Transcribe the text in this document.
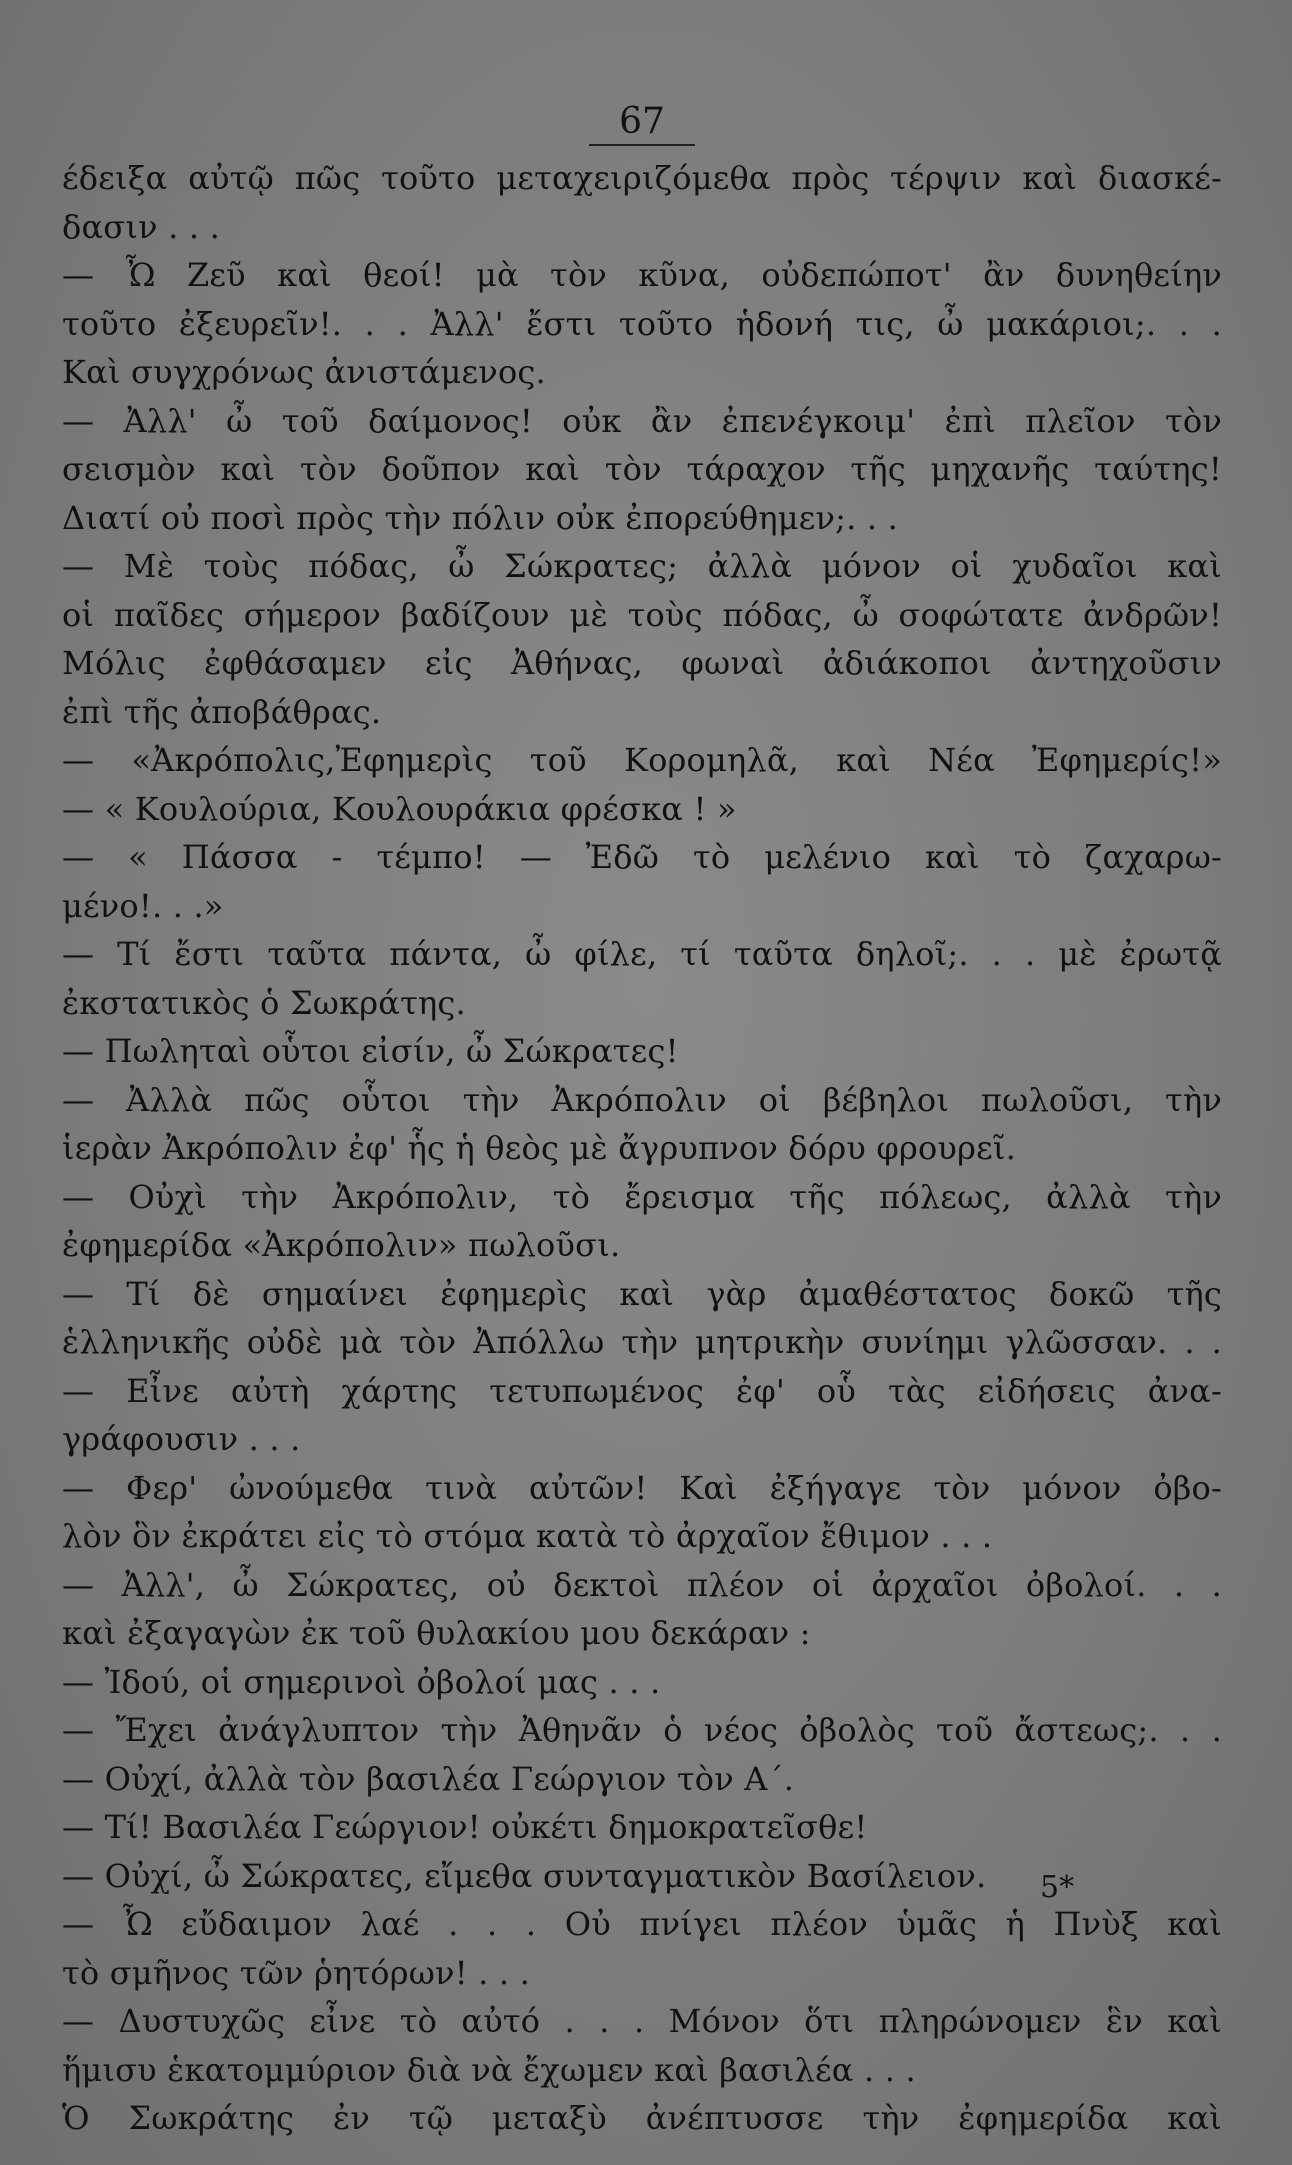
67
έδειξα αὐτῷ πῶς τοῦτο μεταχειριζόμεθα πρὸς τέρψιν καὶ διασκέ-
δασιν . . .
— Ὦ Ζεῦ καὶ θεοί! μὰ τὸν κῦνα, οὐδεπώποτ' ἂν δυνηθείην
τοῦτο ἐξευρεῖν!. . . Ἀλλ' ἔστι τοῦτο ἡδονή τις, ὦ μακάριοι;. . .
Καὶ συγχρόνως ἀνιστάμενος.
— Ἀλλ' ὦ τοῦ δαίμονος! οὐκ ἂν ἐπενέγκοιμ' ἐπὶ πλεῖον τὸν
σεισμὸν καὶ τὸν δοῦπον καὶ τὸν τάραχον τῆς μηχανῆς ταύτης!
Διατί οὐ ποσὶ πρὸς τὴν πόλιν οὐκ ἐπορεύθημεν;. . .
— Μὲ τοὺς πόδας, ὦ Σώκρατες; ἀλλὰ μόνον οἱ χυδαῖοι καὶ
οἱ παῖδες σήμερον βαδίζουν μὲ τοὺς πόδας, ὦ σοφώτατε ἀνδρῶν!
Μόλις ἐφθάσαμεν εἰς Ἀθήνας, φωναὶ ἀδιάκοποι ἀντηχοῦσιν
ἐπὶ τῆς ἀποβάθρας.
— «Ἀκρόπολις,Ἐφημερὶς τοῦ Κορομηλᾶ, καὶ Νέα Ἐφημερίς!»
— « Κουλούρια, Κουλουράκια φρέσκα ! »
— « Πάσσα - τέμπο! — Ἐδῶ τὸ μελένιο καὶ τὸ ζαχαρω-
μένο!. . .»
— Τί ἔστι ταῦτα πάντα, ὦ φίλε, τί ταῦτα δηλοῖ;. . . μὲ ἐρωτᾷ
ἐκστατικὸς ὁ Σωκράτης.
— Πωληταὶ οὗτοι εἰσίν, ὦ Σώκρατες!
— Ἀλλὰ πῶς οὗτοι τὴν Ἀκρόπολιν οἱ βέβηλοι πωλοῦσι, τὴν
ἱερὰν Ἀκρόπολιν ἐφ' ἧς ἡ θεὸς μὲ ἄγρυπνον δόρυ φρουρεῖ.
— Οὐχὶ τὴν Ἀκρόπολιν, τὸ ἔρεισμα τῆς πόλεως, ἀλλὰ τὴν
ἐφημερίδα «Ἀκρόπολιν» πωλοῦσι.
— Τί δὲ σημαίνει ἐφημερὶς καὶ γὰρ ἀμαθέστατος δοκῶ τῆς
ἑλληνικῆς οὐδὲ μὰ τὸν Ἀπόλλω τὴν μητρικὴν συνίημι γλῶσσαν. . .
— Εἶνε αὐτὴ χάρτης τετυπωμένος ἐφ' οὗ τὰς εἰδήσεις ἀνα-
γράφουσιν . . .
— Φερ' ὠνούμεθα τινὰ αὐτῶν! Καὶ ἐξήγαγε τὸν μόνον ὀβο-
λὸν ὃν ἐκράτει εἰς τὸ στόμα κατὰ τὸ ἀρχαῖον ἔθιμον . . .
— Ἀλλ', ὦ Σώκρατες, οὐ δεκτοὶ πλέον οἱ ἀρχαῖοι ὀβολοί. . .
καὶ ἐξαγαγὼν ἐκ τοῦ θυλακίου μου δεκάραν :
— Ἰδού, οἱ σημερινοὶ ὀβολοί μας . . .
— Ἔχει ἀνάγλυπτον τὴν Ἀθηνᾶν ὁ νέος ὀβολὸς τοῦ ἄστεως;. . .
— Οὐχί, ἀλλὰ τὸν βασιλέα Γεώργιον τὸν Α΄.
— Τί! Βασιλέα Γεώργιον! οὐκέτι δημοκρατεῖσθε!
— Οὐχί, ὦ Σώκρατες, εἴμεθα συνταγματικὸν Βασίλειον.
— Ὦ εὔδαιμον λαέ . . . Οὐ πνίγει πλέον ὑμᾶς ἡ Πνὺξ καὶ
τὸ σμῆνος τῶν ῥητόρων! . . .
— Δυστυχῶς εἶνε τὸ αὐτό . . . Μόνον ὅτι πληρώνομεν ἓν καὶ
ἥμισυ ἑκατομμύριον διὰ νὰ ἔχωμεν καὶ βασιλέα . . .
Ὁ Σωκράτης ἐν τῷ μεταξὺ ἀνέπτυσσε τὴν ἐφημερίδα καὶ
5*
